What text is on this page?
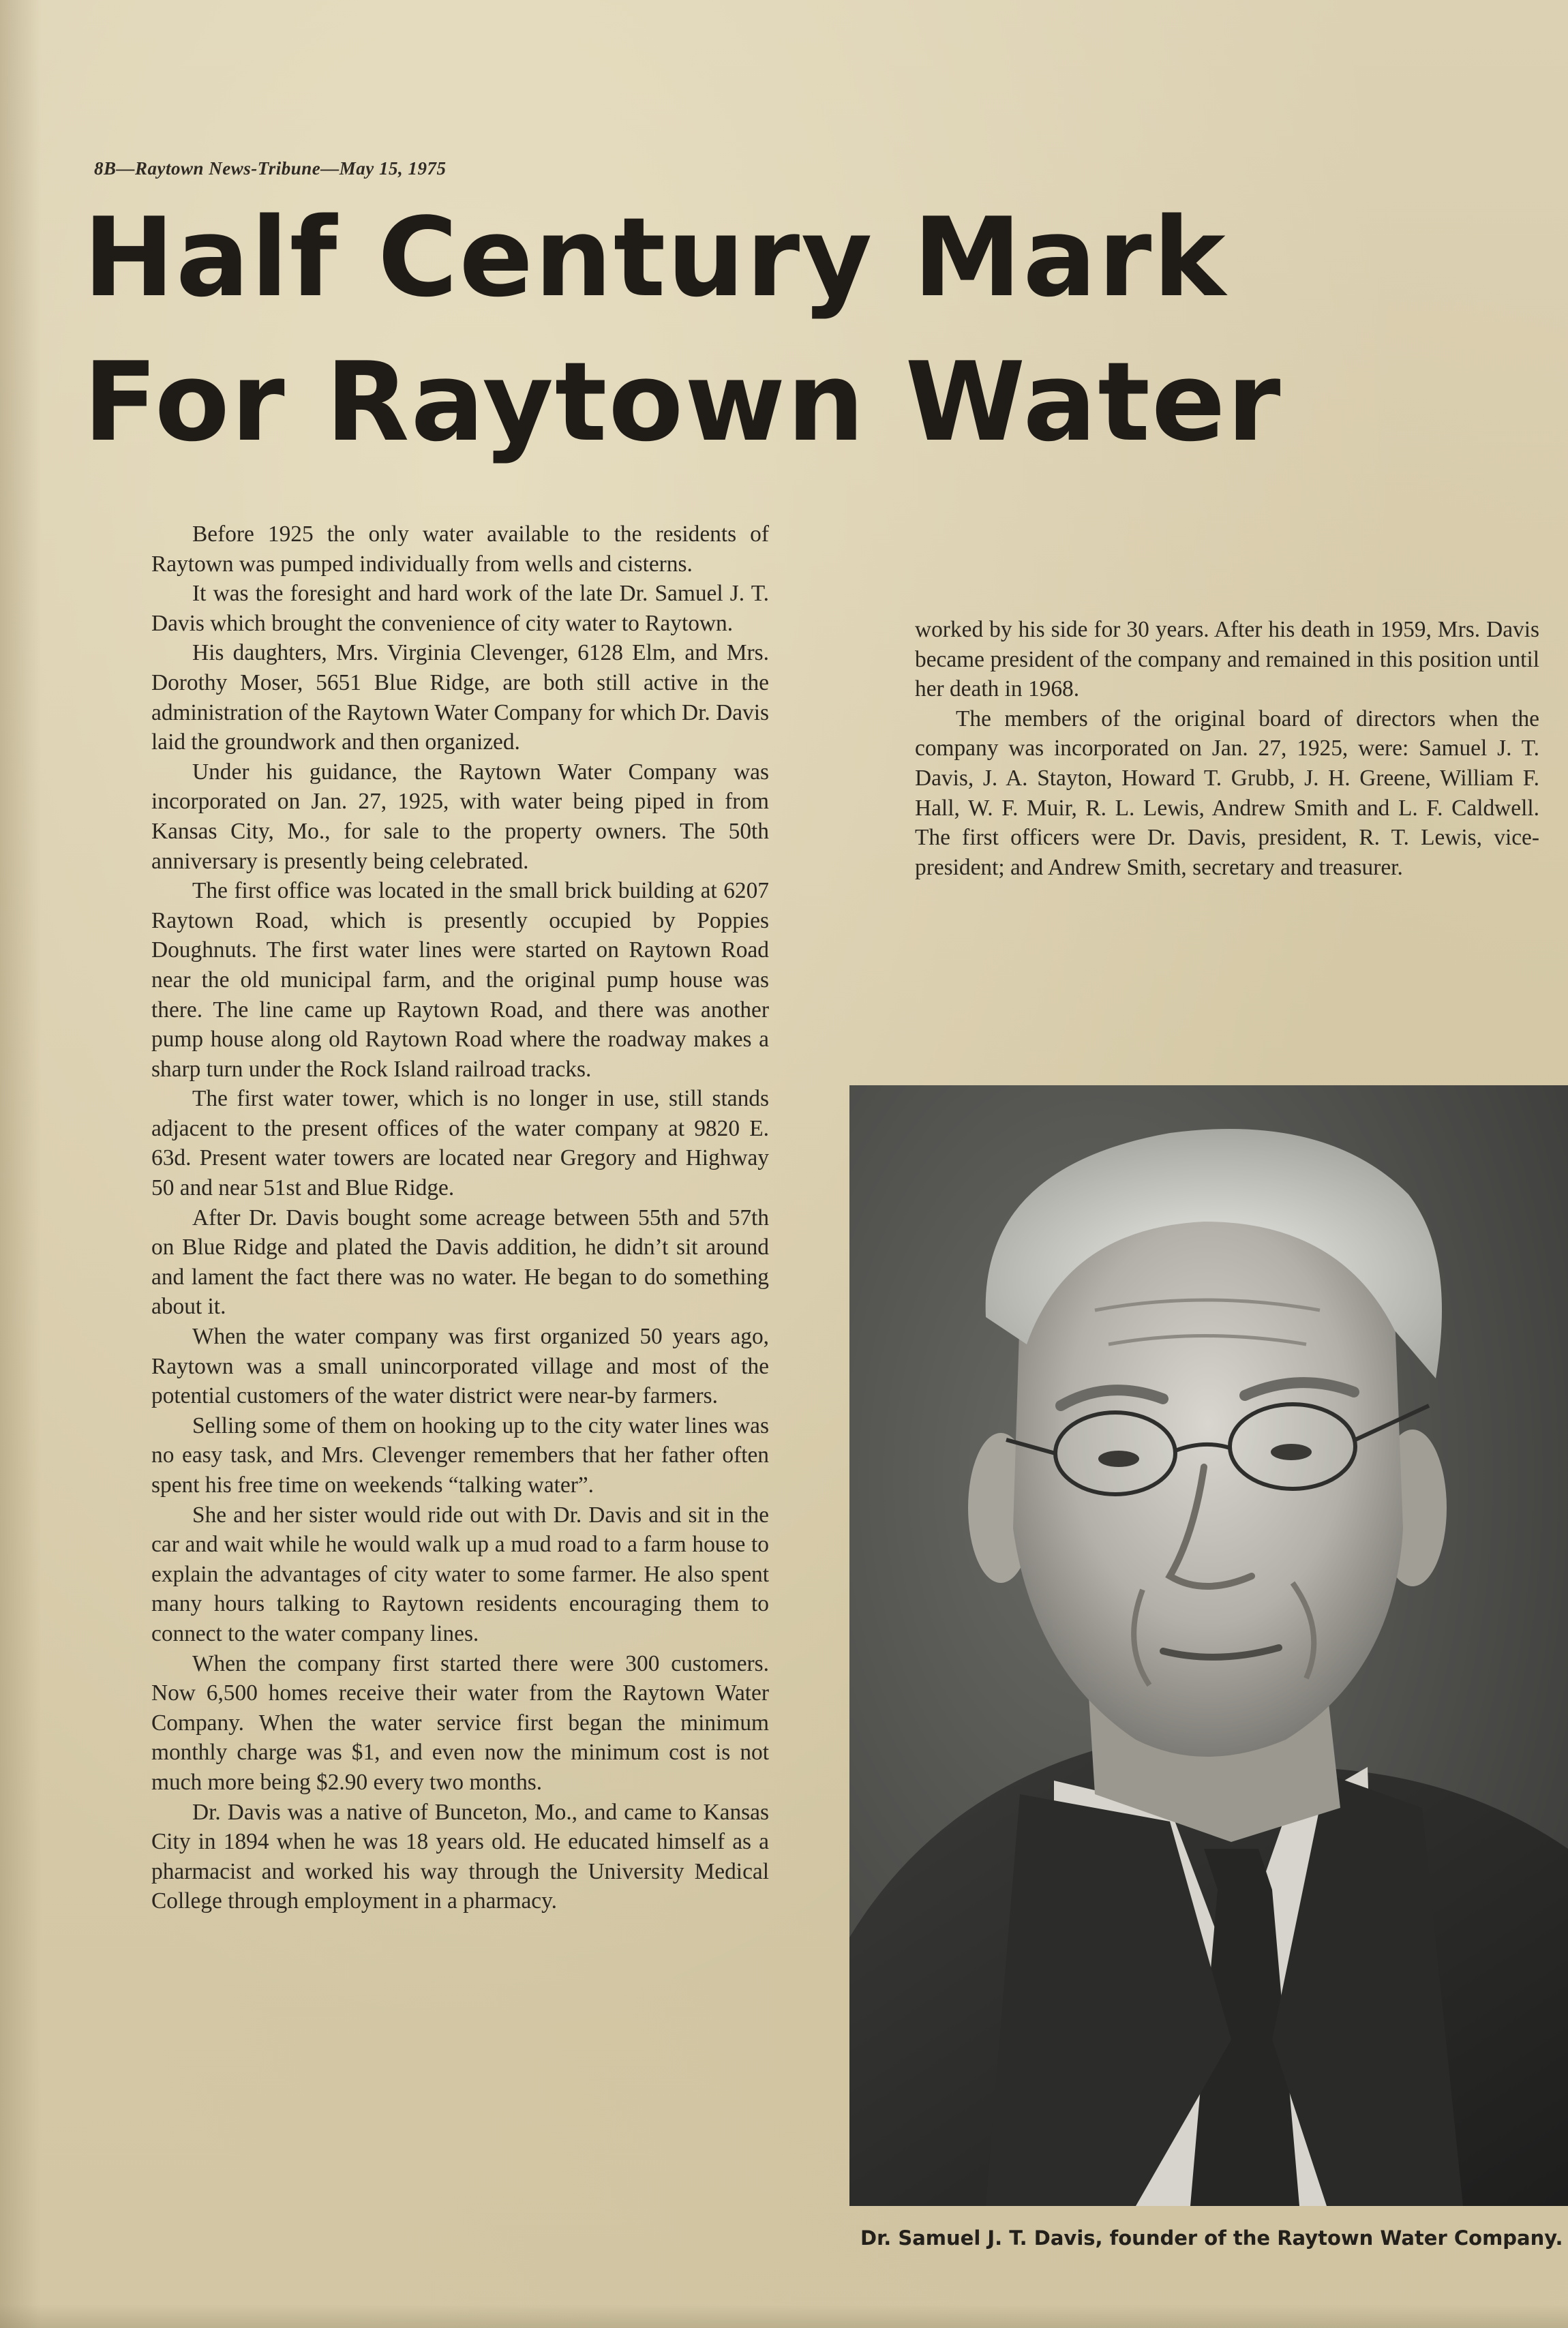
8B—Raytown News-Tribune—May 15, 1975
Half Century Mark
For Raytown Water

Before 1925 the only water available to the residents of Raytown was pumped individually from wells and cisterns.

It was the foresight and hard work of the late Dr. Samuel J. T. Davis which brought the convenience of city water to Raytown.

His daughters, Mrs. Virginia Clevenger, 6128 Elm, and Mrs. Dorothy Moser, 5651 Blue Ridge, are both still active in the administration of the Raytown Water Company for which Dr. Davis laid the groundwork and then organized.

Under his guidance, the Raytown Water Company was incorporated on Jan. 27, 1925, with water being piped in from Kansas City, Mo., for sale to the property owners. The 50th anniversary is presently being celebrated.

The first office was located in the small brick building at 6207 Raytown Road, which is presently occupied by Poppies Doughnuts. The first water lines were started on Raytown Road near the old municipal farm, and the original pump house was there. The line came up Raytown Road, and there was another pump house along old Raytown Road where the roadway makes a sharp turn under the Rock Island railroad tracks.

The first water tower, which is no longer in use, still stands adjacent to the present offices of the water company at 9820 E. 63d. Present water towers are located near Gregory and Highway 50 and near 51st and Blue Ridge.

After Dr. Davis bought some acreage between 55th and 57th on Blue Ridge and plated the Davis addition, he didn’t sit around and lament the fact there was no water. He began to do something about it.

When the water company was first organized 50 years ago, Raytown was a small unincorporated village and most of the potential customers of the water district were near-by farmers.

Selling some of them on hooking up to the city water lines was no easy task, and Mrs. Clevenger remembers that her father often spent his free time on weekends “talking water”.

She and her sister would ride out with Dr. Davis and sit in the car and wait while he would walk up a mud road to a farm house to explain the advantages of city water to some farmer. He also spent many hours talking to Raytown residents encouraging them to connect to the water company lines.

When the company first started there were 300 customers. Now 6,500 homes receive their water from the Raytown Water Company. When the water service first began the minimum monthly charge was $1, and even now the minimum cost is not much more being $2.90 every two months.

Dr. Davis was a native of Bunceton, Mo., and came to Kansas City in 1894 when he was 18 years old. He educated himself as a pharmacist and worked his way through the University Medical College through employment in a pharmacy.

worked by his side for 30 years. After his death in 1959, Mrs. Davis became president of the company and remained in this position until her death in 1968.

The members of the original board of directors when the company was incorporated on Jan. 27, 1925, were: Samuel J. T. Davis, J. A. Stayton, Howard T. Grubb, J. H. Greene, William F. Hall, W. F. Muir, R. L. Lewis, Andrew Smith and L. F. Caldwell. The first officers were Dr. Davis, president, R. T. Lewis, vice-president; and Andrew Smith, secretary and treasurer.

Dr. Samuel J. T. Davis, founder of the Raytown Water Company.
